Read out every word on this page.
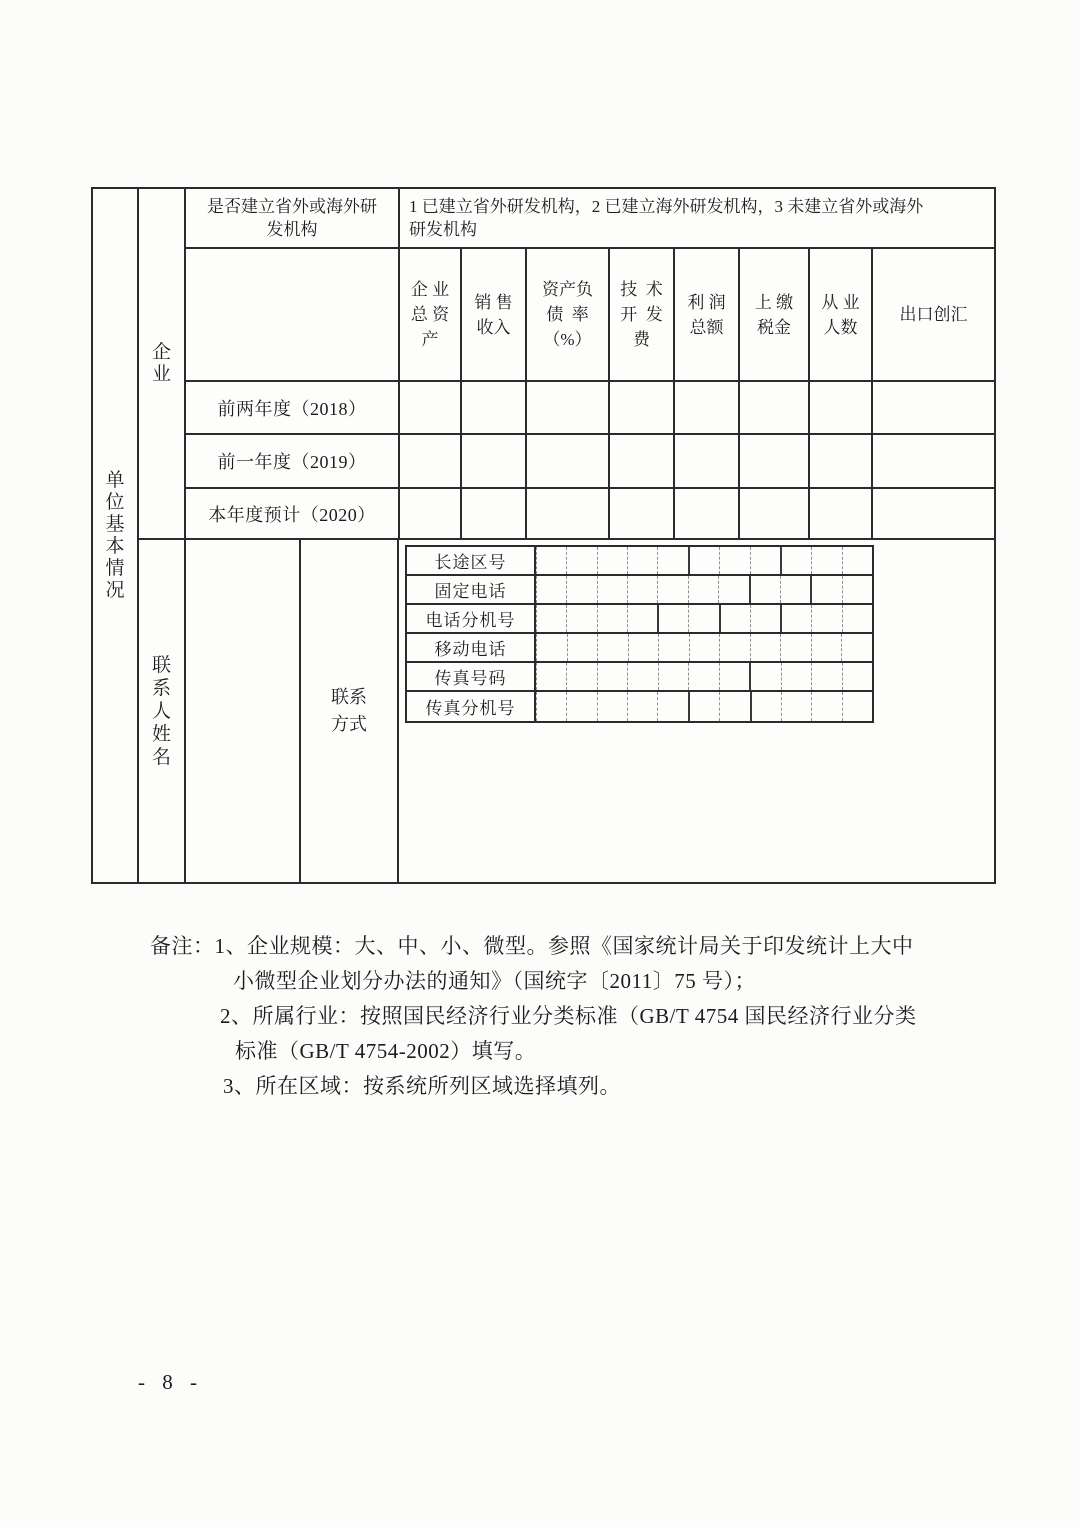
单位基本情况
企业
联系人姓名
是否建立省外或海外研
发机构
1 已建立省外研发机构，2 已建立海外研发机构，3 未建立省外或海外
研发机构
企 业
总 资
产
销 售
收入
资产负
债  率
（%）
技  术
开  发
费
利 润
总额
上 缴
税金
从 业
人数
出口创汇
前两年度（2018）
前一年度（2019）
本年度预计（2020）
联系方式
长途区号
固定电话
电话分机号
移动电话
传真号码
传真分机号
备注：1、企业规模：大、中、小、微型。参照《国家统计局关于印发统计上大中
小微型企业划分办法的通知》（国统字〔2011〕75 号）；
2、所属行业：按照国民经济行业分类标准（GB/T 4754 国民经济行业分类
标准（GB/T 4754-2002）填写。
3、所在区域：按系统所列区域选择填列。
- 8 -
